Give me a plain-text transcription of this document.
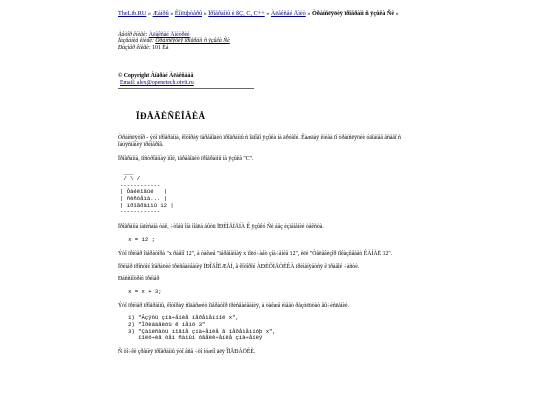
TheLib.RU » Æàíðû » Êîìïüþòåðû » Ïðîãðàììû è ßÇ, C, C++ » Àëåêñåé Äìèò » Òðàíñëÿöèÿ ïðîãðàìì ñ ÿçûêà Ñè »
Àâòîð êíèãè: Àëåêñåé Äìèòðèé
Íàçâàíèå êíèãè: Òðàíñëÿöèÿ ïðîãðàìì ñ ÿçûêà Ñè
Ðàçìåð êíèãè: 101 Êá
© Copyright Àíäðåé Àëåêñååâ
Email: alex@openetech.otvit.ru
ÏÐÅÄÈÑËÎÂÈÅ
Òðàíñëÿòîð - ýòî ïðîãðàììà, êîòîðàÿ ïåðåâîäèò ïðîãðàììû ñ îäíîãî ÿçûêà íà äðóãîé. Êàæäàÿ êíèãà ïî òðàíñëÿöèè óäîáíåå âñåãî ñ îáúÿñíåíèÿ ïðèìåðîâ.
Ïðîãðàììà, ïîñòðîåííàÿ ìíîé, ïåðåâîäèò ïðîãðàììû íà ÿçûêå "C".
___
/ \ /
------------
| Ôàéëîâûé   |
| ñèñòåìà... |
| ïðîãðàììû 12 |
------------
Ïðîãðàììà íàïèñàíà òàê, ÷òîáû îíà ìîãëà áûòü ÏÐÈÌÅÍÅÍÀ Ê ÿçûêó Ñè áåç èçìåíåíèé òåêñòà.
x = 12 ;
Ýòî ïðèìåð îïåðàòîðà "x ðàâíî 12", à òàêæå "ïåðåìåííàÿ x ïîëó÷àåò çíà÷åíèå 12", èëè "Òåëåâèçîð ïîêàçûâàåò ÊÀÍÀË 12".
Ïðèìåð ïðîñòîé îïåðàöèè ïðèñâàèâàíèÿ ÏÐÎÄÎËÆÅÍ, â êîòîðîé ÀÐÈÔÌÅÒÈÊÀ ïðèìåíÿåòñÿ ê ïðàâîé ÷àñòè.
Ðàññìîòðèì ïðèìåð
x = x + 3;
Ýòî ïðèìåð ïðîãðàììû, êîòîðàÿ ñîäåðæèò îïåðàòîð ïðèñâàèâàíèÿ, à òàêæå èìååò ðåçóëüòàò âû÷èñëåíèé.
1) "Âçÿòü çíà÷åíèå ïåðåìåííîé x",
2) "Ïðèáàâèòü ê íåìó 3"
3) "Çàïèñàòü íîâîå çíà÷åíèå â ïåðåìåííóþ x",
ïîëó÷èâ òåì ñàìûì óâåëè÷åíèå çíà÷åíèÿ
Ñ òî÷êè çðåíèÿ ïðîãðàììû ýòî âñå ÷òî íóæíî äëÿ ÎÏÅÐÀÖÈÈ.
